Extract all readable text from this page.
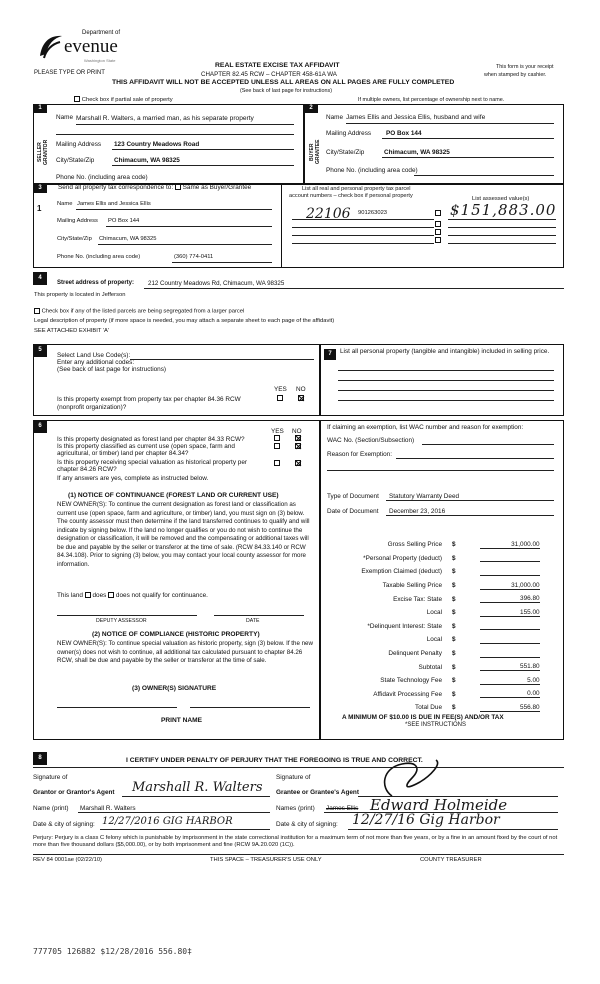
Department of
evenue
Washington State
PLEASE TYPE OR PRINT
REAL ESTATE EXCISE TAX AFFIDAVIT
CHAPTER 82.45 RCW – CHAPTER 458-61A WA
THIS AFFIDAVIT WILL NOT BE ACCEPTED UNLESS ALL AREAS ON ALL PAGES ARE FULLY COMPLETED
(See back of last page for instructions)
This form is your receipt
when stamped by cashier.
Check box if partial sale of property	If multiple owners, list percentage of ownership next to name.
1
SELLER GRANTOR
Name Marshall R. Walters, a married man, as his separate property
Mailing Address 123 Country Meadows Road
City/State/Zip	Chimacum, WA 98325
Phone No. (including area code)
2
BUYER GRANTEE
Name James Ellis and Jessica Ellis, husband and wife
Mailing Address PO Box 144
City/State/Zip	Chimacum, WA 98325
Phone No. (including area code)
3	Send all property tax correspondence to: Same as Buyer/Grantee
1	Name James Ellis and Jessica Ellis
Mailing Address PO Box 144
City/State/Zip Chimacum, WA 98325
Phone No. (including area code)	(360) 774-0411
List all real and personal property tax parcel
account numbers – check box if personal property	List assessed value(s)
22106 901263023	$151,883.00
4
Street address of property: 212 Country Meadows Rd, Chimacum, WA 98325
This property is located in Jefferson
Check box if any of the listed parcels are being segregated from a larger parcel
Legal description of property (if more space is needed, you may attach a separate sheet to each page of the affidavit)
SEE ATTACHED EXHIBIT 'A'
5
Select Land Use Code(s):
Enter any additional codes:
(See back of last page for instructions)
YES NO
Is this property exempt from property tax per chapter 84.36 RCW (nonprofit organization)?
7	List all personal property (tangible and intangible) included in selling price.
6
YES NO
Is this property designated as forest land per chapter 84.33 RCW?
Is this property classified as current use (open space, farm and agricultural, or timber) land per chapter 84.34?
Is this property receiving special valuation as historical property per chapter 84.26 RCW?
If any answers are yes, complete as instructed below.
(1) NOTICE OF CONTINUANCE (FOREST LAND OR CURRENT USE)
NEW OWNER(S): To continue the current designation as forest land or classification as current use (open space, farm and agriculture, or timber) land, you must sign on (3) below. The county assessor must then determine if the land transferred continues to qualify and will indicate by signing below. If the land no longer qualifies or you do not wish to continue the designation or classification, it will be removed and the compensating or additional taxes will be due and payable by the seller or transferor at the time of sale. (RCW 84.33.140 or RCW 84.34.108). Prior to signing (3) below, you may contact your local county assessor for more information.
This land does does not qualify for continuance.
DEPUTY ASSESSOR	DATE
(2) NOTICE OF COMPLIANCE (HISTORIC PROPERTY)
NEW OWNER(S): To continue special valuation as historic property, sign (3) below. If the new owner(s) does not wish to continue, all additional tax calculated pursuant to chapter 84.26 RCW, shall be due and payable by the seller or transferor at the time of sale.
(3) OWNER(S) SIGNATURE
PRINT NAME
If claiming an exemption, list WAC number and reason for exemption:
WAC No. (Section/Subsection)
Reason for Exemption:
Type of Document Statutory Warranty Deed
Date of Document December 23, 2016
Gross Selling Price $	31,000.00
*Personal Property (deduct) $
Exemption Claimed (deduct) $
Taxable Selling Price $	31,000.00
Excise Tax: State $	396.80
Local $	155.00
*Delinquent Interest: State $
Local $
Delinquent Penalty $
Subtotal $	551.80
State Technology Fee $	5.00
Affidavit Processing Fee $	0.00
Total Due $	556.80
A MINIMUM OF $10.00 IS DUE IN FEE(S) AND/OR TAX
*SEE INSTRUCTIONS
8	I CERTIFY UNDER PENALTY OF PERJURY THAT THE FOREGOING IS TRUE AND CORRECT.
Signature of
Grantor or Grantor's Agent Marshall R. Walters
Signature of
Grantee or Grantee's Agent
Name (print) Marshall R. Walters	Names (print) James Ellis Edward Holmeide
Date & city of signing: 12/27/2016 GIG HARBOR	Date & city of signing: 12/27/16 Gig Harbor
Perjury: Perjury is a class C felony which is punishable by imprisonment in the state correctional institution for a maximum term of not more than five years, or by a fine in an amount fixed by the court of not more than five thousand dollars ($5,000.00), or by both imprisonment and fine (RCW 9A.20.020 (1C)).
REV 84 0001ae (02/22/10)	THIS SPACE – TREASURER'S USE ONLY	COUNTY TREASURER
777705 126882 $12/28/2016 556.80‡
